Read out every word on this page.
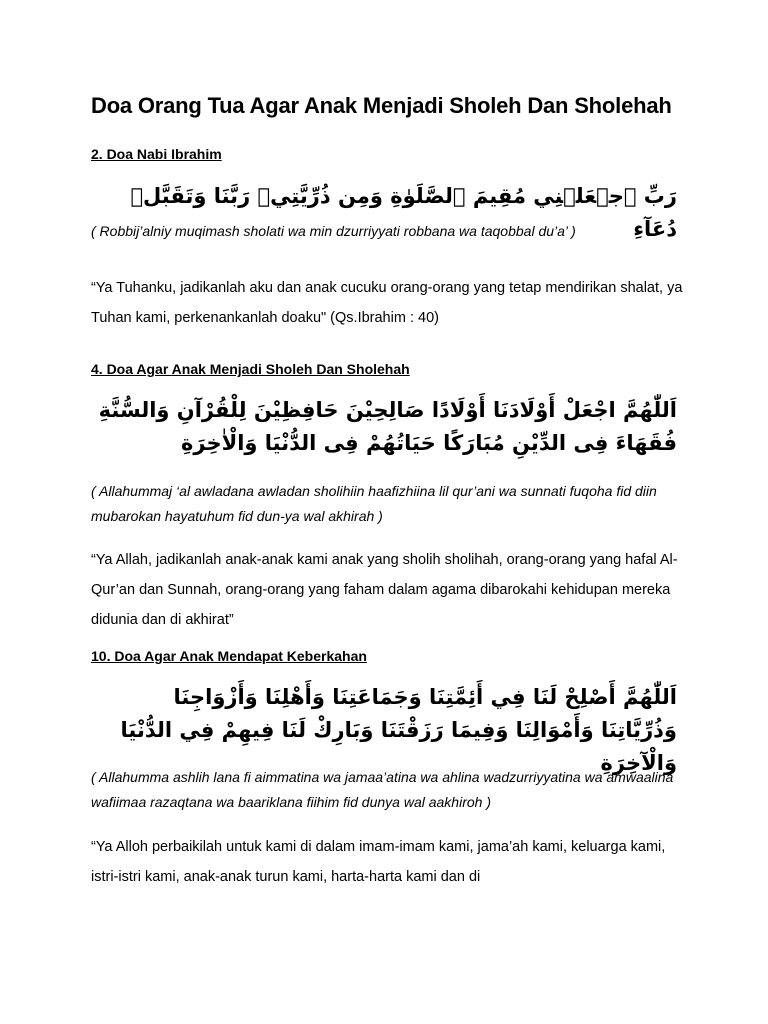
Doa Orang Tua Agar Anak Menjadi Sholeh Dan Sholehah
2. Doa Nabi Ibrahim
رَبِّ ٱجۡعَلۡنِي مُقِيمَ ٱلصَّلَوٰةِ وَمِن ذُرِّيَّتِيۚ رَبَّنَا وَتَقَبَّلۡ دُعَآءِ
( Robbij’alniy muqimash sholati wa min dzurriyyati robbana wa taqobbal du’a’ )
“Ya Tuhanku, jadikanlah aku dan anak cucuku orang-orang yang tetap mendirikan shalat, ya Tuhan kami, perkenankanlah doaku" (Qs.Ibrahim : 40)
4. Doa Agar Anak Menjadi Sholeh Dan Sholehah
اَللّٰهُمَّ اجْعَلْ أَوْلَادَنَا أَوْلَادًا صَالِحِيْنَ حَافِظِيْنَ لِلْقُرْآنِ وَالسُّنَّةِ فُقَهَاءَ فِى الدِّيْنِ مُبَارَكًا حَيَاتُهُمْ فِى الدُّنْيَا وَالْاٰخِرَةِ
( Allahummaj ‘al awladana awladan sholihiin haafizhiina lil qur’ani wa sunnati fuqoha fid diin mubarokan hayatuhum fid dun-ya wal akhirah )
“Ya Allah, jadikanlah anak-anak kami anak yang sholih sholihah, orang-orang yang hafal Al-Qur’an dan Sunnah, orang-orang yang faham dalam agama dibarokahi kehidupan mereka didunia dan di akhirat”
10. Doa Agar Anak Mendapat Keberkahan
اَللّٰهُمَّ أَصْلِحْ لَنَا فِي أَئِمَّتِنَا وَجَمَاعَتِنَا وَأَهْلِنَا وَأَزْوَاجِنَا وَذُرِّيَّاتِنَا وَأَمْوَالِنَا وَفِيمَا رَزَقْتَنَا وَبَارِكْ لَنَا فِيهِمْ فِي الدُّنْيَا وَالْآخِرَةِ
( Allahumma ashlih lana fi aimmatina wa jamaa’atina wa ahlina wadzurriyyatina wa amwaalina wafiimaa razaqtana wa baariklana fiihim fid dunya wal aakhiroh )
“Ya Alloh perbaikilah untuk kami di dalam imam-imam kami, jama’ah kami, keluarga kami, istri-istri kami, anak-anak turun kami, harta-harta kami dan di
